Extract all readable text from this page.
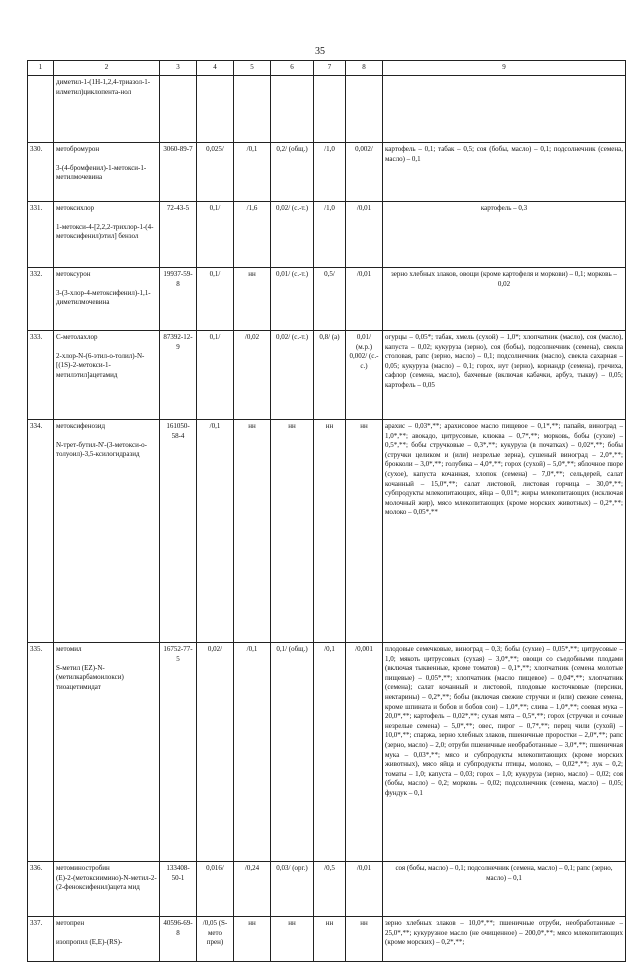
35
1	2	3	4	5	6	7	8	9

	диметил-1-(1Н-1,2,4-триазол-1-илметил)циклопента-нол							

330.	метобромурон
3-(4-бромфенил)-1-метокси-1-метилмочевина	3060-89-7	0,025/	/0,1	0,2/ (общ.)	/1,0	0,002/	картофель – 0,1; табак – 0,5; соя (бобы, масло) – 0,1; подсолнечник (семена, масло) – 0,1
331.	метоксихлор
1-метокси-4-[2,2,2-трихлор-1-(4-метоксифенил)этил] бензол	72-43-5	0,1/	/1,6	0,02/ (с.-т.)	/1,0	/0,01	картофель – 0,3
332.	метоксурон
3-(3-хлор-4-метоксифенил)-1,1-диметилмочевина	19937-59-8	0,1/	нн	0,01/ (с.-т.)	0,5/	/0,01	зерно хлебных злаков, овощи (кроме картофеля и моркови) – 0,1; морковь – 0,02
333.	С-метолахлор
2-хлор-N-(6-этил-о-толил)-N-[(1S)-2-метокси-1-метилэтил]ацетамид	87392-12-9	0,1/	/0,02	0,02/ (с.-т.)	0,8/ (а)	0,01/ (м.р.) 0,002/ (с.-с.)	огурцы – 0,05*; табак, хмель (сухой) – 1,0*; хлопчатник (масло), соя (масло), капуста – 0,02; кукуруза (зерно), соя (бобы), подсолнечник (семена), свекла столовая, рапс (зерно, масло) – 0,1; подсолнечник (масло), свекла сахарная – 0,05; кукуруза (масло) – 0,1; горох, нут (зерно), кориандр (семена), гречиха, сафлор (семена, масло), бахчевые (включая кабачки, арбуз, тыкву) – 0,05; картофель – 0,05
334.	метоксифенозид
N-трет-бутил-N'-(3-метокси-о-толуоил)-3,5-ксилогидразид	161050-58-4	/0,1	нн	нн	нн	нн	арахис – 0,03*,**; арахисовое масло пищевое – 0,1*,**; папайя, виноград – 1,0*,**; авокадо, цитрусовые, клюква – 0,7*,**; морковь, бобы (сухие) – 0,5*,**; бобы стручковые – 0,3*,**; кукуруза (в початках) – 0,02*,**; бобы (стручки целиком и (или) незрелые зерна), сушеный виноград – 2,0*,**; брокколи – 3,0*,**; голубика – 4,0*,**; горох (сухой) – 5,0*,**; яблочное пюре (сухое), капуста кочанная, хлопок (семена) – 7,0*,**; сельдерей, салат кочанный – 15,0*,**; салат листовой, листовая горчица – 30,0*,**; субпродукты млекопитающих, яйца – 0,01*; жиры млекопитающих (исключая молочный жир), мясо млекопитающих (кроме морских животных) – 0,2*,**; молоко – 0,05*,**
335.	метомил
S-метил (EZ)-N-(метилкарбамоилокси) тиоацетимидат	16752-77-5	0,02/	/0,1	0,1/ (общ.)	/0,1	/0,001	плодовые семечковые, виноград – 0,3; бобы (сухие) – 0,05*,**; цитрусовые – 1,0; мякоть цитрусовых (сухая) – 3,0*,**; овощи со съедобными плодами (включая тыквенные, кроме томатов) – 0,1*,**; хлопчатник (семена молотые пищевые) – 0,05*,**; хлопчатник (масло пищевое) – 0,04*,**; хлопчатник (семена); салат кочанный и листовой, плодовые косточковые (персики, нектарины) – 0,2*,**; бобы (включая свежие стручки и (или) свежие семена, кроме шпината и бобов и бобов сои) – 1,0*,**; слива – 1,0*,**; соевая мука – 20,0*,**; картофель – 0,02*,**; сухая мята – 0,5*,**; горох (стручки и сочные незрелые семена) – 5,0*,**; овес, пирог – 0,7*,**; перец чили (сухой) – 10,0*,**; спаржа, зерно хлебных злаков, пшеничные проростки – 2,0*,**; рапс (зерно, масло) – 2,0; отруби пшеничные необработанные – 3,0*,**; пшеничная мука – 0,03*,**; мясо и субпродукты млекопитающих (кроме морских животных), мясо яйца и субпродукты птицы, молоко, – 0,02*,**; лук – 0,2; томаты – 1,0; капуста – 0,03; горох – 1,0; кукуруза (зерно, масло) – 0,02; соя (бобы, масло) – 0,2; морковь – 0,02; подсолнечник (семена, масло) – 0,05; фундук – 0,1
336.	метоминостробин
(Е)-2-(метоксиимино)-N-метил-2-(2-феноксифенил)ацета мид	133408-50-1	0,016/	/0,24	0,03/ (орг.)	/0,5	/0,01	соя (бобы, масло) – 0,1; подсолнечник (семена, масло) – 0,1; рапс (зерно, масло) – 0,1
337.	метопрен
изопропил (E,E)-(RS)-	40596-69-8	/0,05 (S-мето прен)	нн	нн	нн	нн	зерно хлебных злаков – 10,0*,**; пшеничные отруби, необработанные – 25,0*,**; кукурузное масло (не очищенное) – 200,0*,**; мясо млекопитающих (кроме морских) – 0,2*,**;
